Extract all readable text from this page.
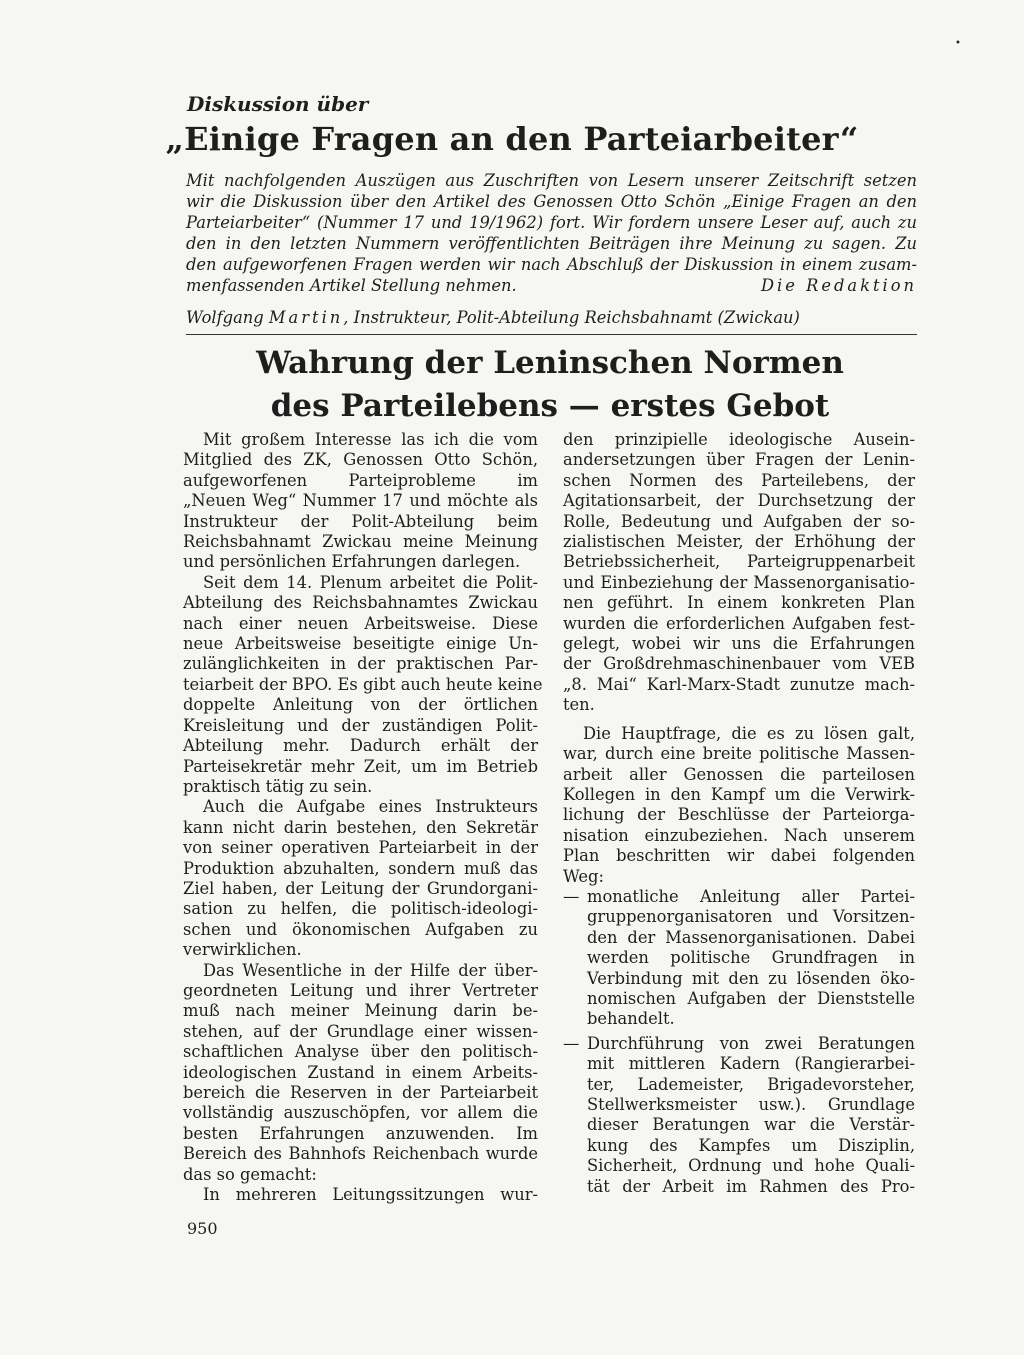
•
Diskussion über
„Einige Fragen an den Parteiarbeiter“
Mit nachfolgenden Auszügen aus Zuschriften von Lesern unserer Zeitschrift setzen
wir die Diskussion über den Artikel des Genossen Otto Schön „Einige Fragen an den
Parteiarbeiter“ (Nummer 17 und 19/1962) fort. Wir fordern unsere Leser auf, auch zu
den in den letzten Nummern veröffentlichten Beiträgen ihre Meinung zu sagen. Zu
den aufgeworfenen Fragen werden wir nach Abschluß der Diskussion in einem zusam-
menfassenden Artikel Stellung nehmen.	Die Redaktion
Wolfgang Martin, Instrukteur, Polit-Abteilung Reichsbahnamt (Zwickau)
Wahrung der Leninschen Normen
des Parteilebens — erstes Gebot
Mit großem Interesse las ich die vom
Mitglied des ZK, Genossen Otto Schön,
aufgeworfenen Parteiprobleme im
„Neuen Weg“ Nummer 17 und möchte als
Instrukteur der Polit-Abteilung beim
Reichsbahnamt Zwickau meine Meinung
und persönlichen Erfahrungen darlegen.
Seit dem 14. Plenum arbeitet die Polit-
Abteilung des Reichsbahnamtes Zwickau
nach einer neuen Arbeitsweise. Diese
neue Arbeitsweise beseitigte einige Un-
zulänglichkeiten in der praktischen Par-
teiarbeit der BPO. Es gibt auch heute keine
doppelte Anleitung von der örtlichen
Kreisleitung und der zuständigen Polit-
Abteilung mehr. Dadurch erhält der
Parteisekretär mehr Zeit, um im Betrieb
praktisch tätig zu sein.
Auch die Aufgabe eines Instrukteurs
kann nicht darin bestehen, den Sekretär
von seiner operativen Parteiarbeit in der
Produktion abzuhalten, sondern muß das
Ziel haben, der Leitung der Grundorgani-
sation zu helfen, die politisch-ideologi-
schen und ökonomischen Aufgaben zu
verwirklichen.
Das Wesentliche in der Hilfe der über-
geordneten Leitung und ihrer Vertreter
muß nach meiner Meinung darin be-
stehen, auf der Grundlage einer wissen-
schaftlichen Analyse über den politisch-
ideologischen Zustand in einem Arbeits-
bereich die Reserven in der Parteiarbeit
vollständig auszuschöpfen, vor allem die
besten Erfahrungen anzuwenden. Im
Bereich des Bahnhofs Reichenbach wurde
das so gemacht:
In mehreren Leitungssitzungen wur-
den prinzipielle ideologische Ausein-
andersetzungen über Fragen der Lenin-
schen Normen des Parteilebens, der
Agitationsarbeit, der Durchsetzung der
Rolle, Bedeutung und Aufgaben der so-
zialistischen Meister, der Erhöhung der
Betriebssicherheit, Parteigruppenarbeit
und Einbeziehung der Massenorganisatio-
nen geführt. In einem konkreten Plan
wurden die erforderlichen Aufgaben fest-
gelegt, wobei wir uns die Erfahrungen
der Großdrehmaschinenbauer vom VEB
„8. Mai“ Karl-Marx-Stadt zunutze mach-
ten.
Die Hauptfrage, die es zu lösen galt,
war, durch eine breite politische Massen-
arbeit aller Genossen die parteilosen
Kollegen in den Kampf um die Verwirk-
lichung der Beschlüsse der Parteiorga-
nisation einzubeziehen. Nach unserem
Plan beschritten wir dabei folgenden
Weg:
— monatliche Anleitung aller Partei-
gruppenorganisatoren und Vorsitzen-
den der Massenorganisationen. Dabei
werden politische Grundfragen in
Verbindung mit den zu lösenden öko-
nomischen Aufgaben der Dienststelle
behandelt.
— Durchführung von zwei Beratungen
mit mittleren Kadern (Rangierarbei-
ter, Lademeister, Brigadevorsteher,
Stellwerksmeister usw.). Grundlage
dieser Beratungen war die Verstär-
kung des Kampfes um Disziplin,
Sicherheit, Ordnung und hohe Quali-
tät der Arbeit im Rahmen des Pro-
950
